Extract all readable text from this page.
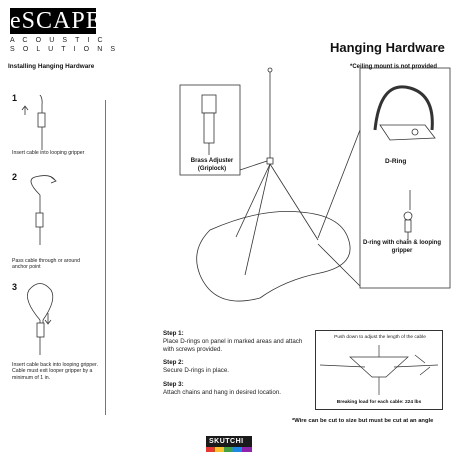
eSCAPE
A C O U S T I C
S O L U T I O N S	Hanging Hardware
*Ceiling mount is not provided
Installing Hanging Hardware
1
2
3
Insert cable into looping gripper
Pass cable through or around anchor point
Insert cable back into looping gripper. Cable must exit looper gripper by a minimum of 1 in.
Brass Adjuster (Griplock)
D-Ring
D-ring with chain & looping gripper

Step 1:
Place D-rings on panel in marked areas and attach with screws provided.

Step 2:
Secure D-rings in place.

Step 3:
Attach chains and hang in desired location.

Push down to adjust the length of the cable
Breaking load for each cable: 224 lbs
*Wire can be cut to size but must be cut at an angle
SKUTCHI
